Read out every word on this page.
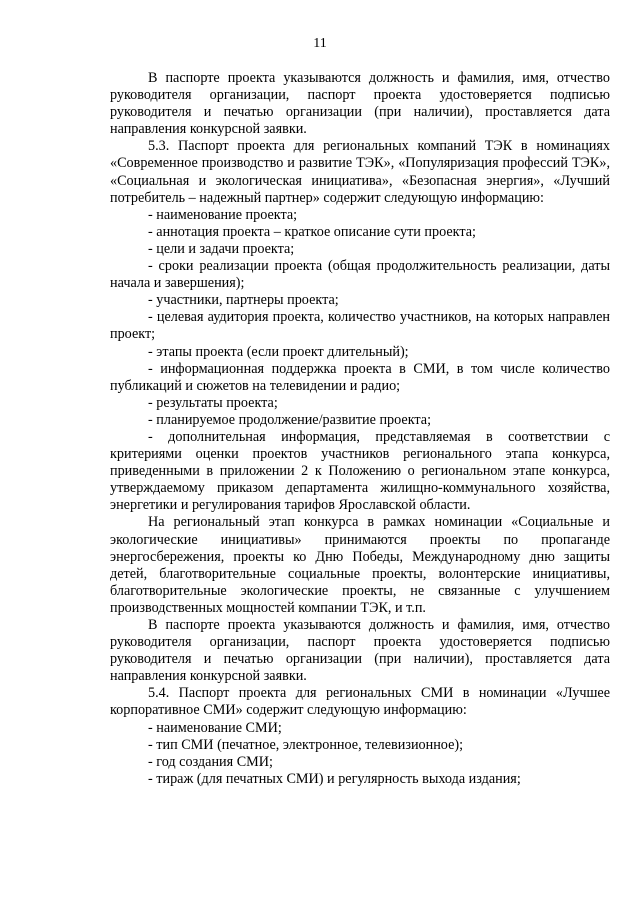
11

В паспорте проекта указываются должность и фамилия, имя, отчество руководителя организации, паспорт проекта удостоверяется подписью руководителя и печатью организации (при наличии), проставляется дата направления конкурсной заявки.

5.3. Паспорт проекта для региональных компаний ТЭК в номинациях «Современное производство и развитие ТЭК», «Популяризация профессий ТЭК», «Социальная и экологическая инициатива», «Безопасная энергия», «Лучший потребитель – надежный партнер» содержит следующую информацию:

- наименование проекта;

- аннотация проекта – краткое описание сути проекта;

- цели и задачи проекта;

- сроки реализации проекта (общая продолжительность реализации, даты начала и завершения);

- участники, партнеры проекта;

- целевая аудитория проекта, количество участников, на которых направлен проект;

- этапы проекта (если проект длительный);

- информационная поддержка проекта в СМИ, в том числе количество публикаций и сюжетов на телевидении и радио;

- результаты проекта;

- планируемое продолжение/развитие проекта;

- дополнительная информация, представляемая в соответствии с критериями оценки проектов участников регионального этапа конкурса, приведенными в приложении 2 к Положению о региональном этапе конкурса, утверждаемому приказом департамента жилищно-коммунального хозяйства, энергетики и регулирования тарифов Ярославской области.

На региональный этап конкурса в рамках номинации «Социальные и экологические инициативы» принимаются проекты по пропаганде энергосбережения, проекты ко Дню Победы, Международному дню защиты детей, благотворительные социальные проекты, волонтерские инициативы, благотворительные экологические проекты, не связанные с улучшением производственных мощностей компании ТЭК, и т.п.

В паспорте проекта указываются должность и фамилия, имя, отчество руководителя организации, паспорт проекта удостоверяется подписью руководителя и печатью организации (при наличии), проставляется дата направления конкурсной заявки.

5.4. Паспорт проекта для региональных СМИ в номинации «Лучшее корпоративное СМИ» содержит следующую информацию:

- наименование СМИ;

- тип СМИ (печатное, электронное, телевизионное);

- год создания СМИ;

- тираж (для печатных СМИ) и регулярность выхода издания;
